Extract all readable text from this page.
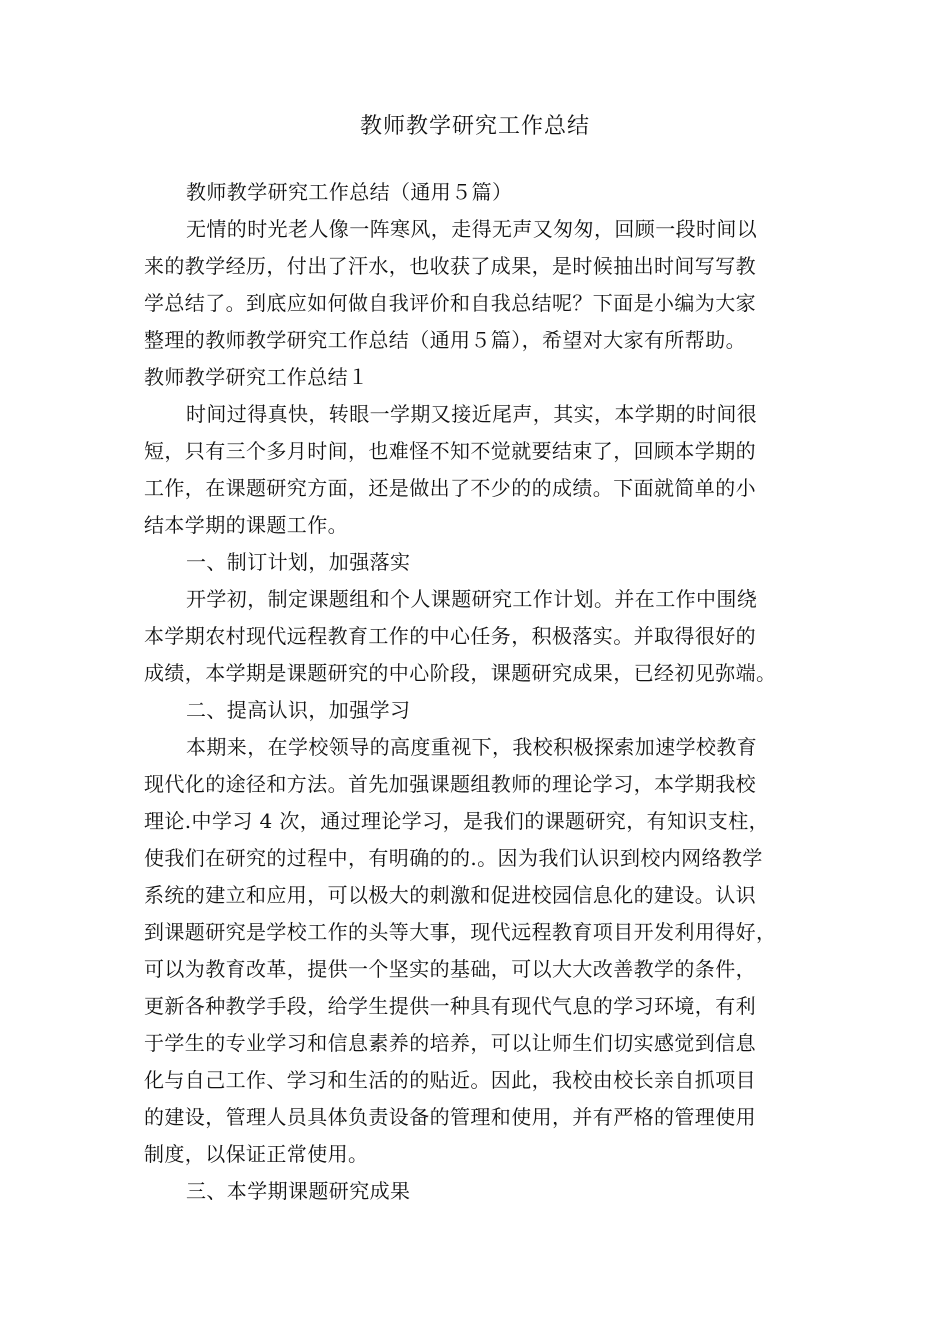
教师教学研究工作总结

教师教学研究工作总结（通用５篇）

无情的时光老人像一阵寒风，走得无声又匆匆，回顾一段时间以

来的教学经历，付出了汗水，也收获了成果，是时候抽出时间写写教

学总结了。到底应如何做自我评价和自我总结呢？下面是小编为大家

整理的教师教学研究工作总结（通用５篇），希望对大家有所帮助。

教师教学研究工作总结１

时间过得真快，转眼一学期又接近尾声，其实，本学期的时间很

短，只有三个多月时间，也难怪不知不觉就要结束了，回顾本学期的

工作，在课题研究方面，还是做出了不少的的成绩。下面就简单的小

结本学期的课题工作。

一、制订计划，加强落实

开学初，制定课题组和个人课题研究工作计划。并在工作中围绕

本学期农村现代远程教育工作的中心任务，积极落实。并取得很好的

成绩，本学期是课题研究的中心阶段，课题研究成果，已经初见弥端。

二、提高认识，加强学习

本期来，在学校领导的高度重视下，我校积极探索加速学校教育

现代化的途径和方法。首先加强课题组教师的理论学习，本学期我校

理论.中学习 4 次，通过理论学习，是我们的课题研究，有知识支柱，

使我们在研究的过程中，有明确的的.。因为我们认识到校内网络教学

系统的建立和应用，可以极大的刺激和促进校园信息化的建设。认识

到课题研究是学校工作的头等大事，现代远程教育项目开发利用得好，

可以为教育改革，提供一个坚实的基础，可以大大改善教学的条件，

更新各种教学手段，给学生提供一种具有现代气息的学习环境，有利

于学生的专业学习和信息素养的培养，可以让师生们切实感觉到信息

化与自己工作、学习和生活的的贴近。因此，我校由校长亲自抓项目

的建设，管理人员具体负责设备的管理和使用，并有严格的管理使用

制度，以保证正常使用。

三、本学期课题研究成果
